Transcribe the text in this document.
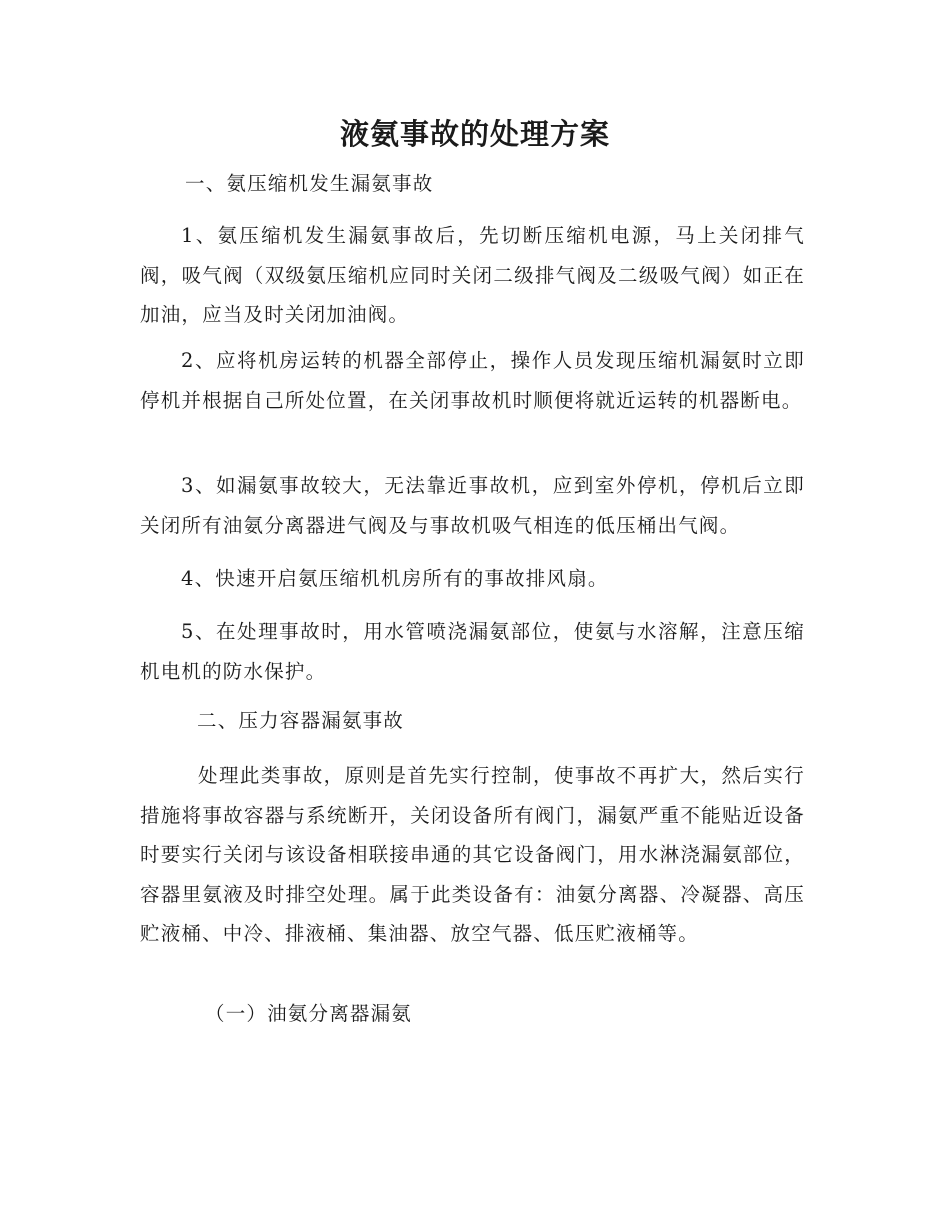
液氨事故的处理方案

一、氨压缩机发生漏氨事故

1、氨压缩机发生漏氨事故后，先切断压缩机电源，马上关闭排气阀，吸气阀（双级氨压缩机应同时关闭二级排气阀及二级吸气阀）如正在加油，应当及时关闭加油阀。

2、应将机房运转的机器全部停止，操作人员发现压缩机漏氨时立即停机并根据自己所处位置，在关闭事故机时顺便将就近运转的机器断电。

3、如漏氨事故较大，无法靠近事故机，应到室外停机，停机后立即关闭所有油氨分离器进气阀及与事故机吸气相连的低压桶出气阀。

4、快速开启氨压缩机机房所有的事故排风扇。

5、在处理事故时，用水管喷浇漏氨部位，使氨与水溶解，注意压缩机电机的防水保护。

二、压力容器漏氨事故

处理此类事故，原则是首先实行控制，使事故不再扩大，然后实行措施将事故容器与系统断开，关闭设备所有阀门，漏氨严重不能贴近设备时要实行关闭与该设备相联接串通的其它设备阀门，用水淋浇漏氨部位，容器里氨液及时排空处理。属于此类设备有：油氨分离器、冷凝器、高压贮液桶、中冷、排液桶、集油器、放空气器、低压贮液桶等。

（一）油氨分离器漏氨
